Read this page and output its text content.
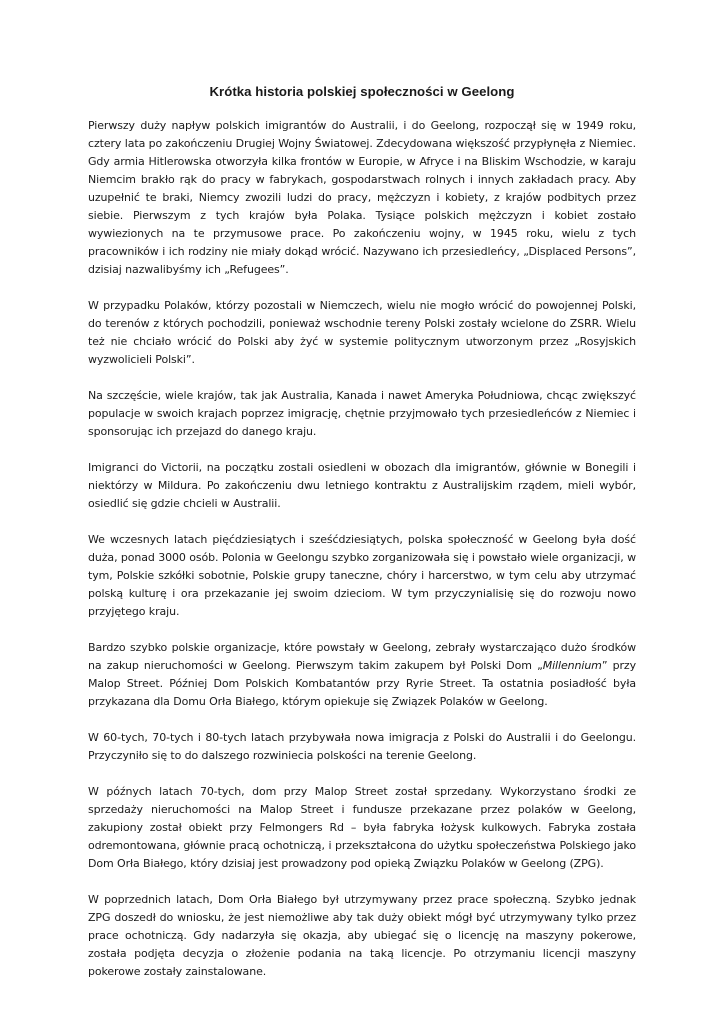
Krótka historia polskiej społeczności w Geelong

Pierwszy duży napływ polskich imigrantów do Australii, i do Geelong, rozpoczął się w 1949 roku, cztery lata po zakończeniu Drugiej Wojny Światowej. Zdecydowana większość przypłynęła z Niemiec. Gdy armia Hitlerowska otworzyła kilka frontów w Europie, w Afryce i na Bliskim Wschodzie, w karaju Niemcim brakło rąk do pracy w fabrykach, gospodarstwach rolnych i innych zakładach pracy. Aby uzupełnić te braki, Niemcy zwozili ludzi do pracy, mężczyzn i kobiety, z krajów podbitych przez siebie. Pierwszym z tych krajów była Polaka. Tysiące polskich mężczyzn i kobiet zostało wywiezionych na te przymusowe prace. Po zakończeniu wojny, w 1945 roku, wielu z tych pracowników i ich rodziny nie miały dokąd wrócić. Nazywano ich przesiedleńcy, „Displaced Persons”, dzisiaj nazwalibyśmy ich „Refugees”.

W przypadku Polaków, którzy pozostali w Niemczech, wielu nie mogło wrócić do powojennej Polski, do terenów z których pochodzili, ponieważ wschodnie tereny Polski zostały wcielone do ZSRR. Wielu też nie chciało wrócić do Polski aby żyć w systemie politycznym utworzonym przez „Rosyjskich wyzwolicieli Polski”.

Na szczęście, wiele krajów, tak jak Australia, Kanada i nawet Ameryka Południowa, chcąc zwiększyć populacje w swoich krajach poprzez imigrację, chętnie przyjmowało tych przesiedleńców z Niemiec i sponsorując ich przejazd do danego kraju.

Imigranci do Victorii, na początku zostali osiedleni w obozach dla imigrantów, głównie w Bonegili i niektórzy w Mildura. Po zakończeniu dwu letniego kontraktu z Australijskim rządem, mieli wybór, osiedlić się gdzie chcieli w Australii.

We wczesnych latach pięćdziesiątych i sześćdziesiątych, polska społeczność w Geelong była dość duża, ponad 3000 osób. Polonia w Geelongu szybko zorganizowała się i powstało wiele organizacji, w tym, Polskie szkółki sobotnie, Polskie grupy taneczne, chóry i harcerstwo, w tym celu aby utrzymać polską kulturę i ora przekazanie jej swoim dzieciom. W tym przyczynialisię się do rozwoju nowo przyjętego kraju.

Bardzo szybko polskie organizacje, które powstały w Geelong, zebrały wystarczająco dużo środków na zakup nieruchomości w Geelong. Pierwszym takim zakupem był Polski Dom „Millennium” przy Malop Street. Później Dom Polskich Kombatantów przy Ryrie Street. Ta ostatnia posiadłość była przykazana dla Domu Orła Białego, którym opiekuje się Związek Polaków w Geelong.

W 60-tych, 70-tych i 80-tych latach przybywała nowa imigracja z Polski do Australii i do Geelongu. Przyczyniło się to do dalszego rozwiniecia polskości na terenie Geelong.

W późnych latach 70-tych, dom przy Malop Street został sprzedany. Wykorzystano środki ze sprzedaży nieruchomości na Malop Street i fundusze przekazane przez polaków w Geelong, zakupiony został obiekt przy Felmongers Rd – była fabryka łożysk kulkowych. Fabryka została odremontowana, głównie pracą ochotniczą, i przekształcona do użytku społeczeństwa Polskiego jako Dom Orła Białego, który dzisiaj jest prowadzony pod opieką Związku Polaków w Geelong (ZPG).

W poprzednich latach, Dom Orła Białego był utrzymywany przez prace społeczną. Szybko jednak ZPG doszedł do wniosku, że jest niemożliwe aby tak duży obiekt mógł być utrzymywany tylko przez prace ochotniczą. Gdy nadarzyła się okazja, aby ubiegać się o licencję na maszyny pokerowe, została podjęta decyzja o złożenie podania na taką licencje. Po otrzymaniu licencji maszyny pokerowe zostały zainstalowane.
